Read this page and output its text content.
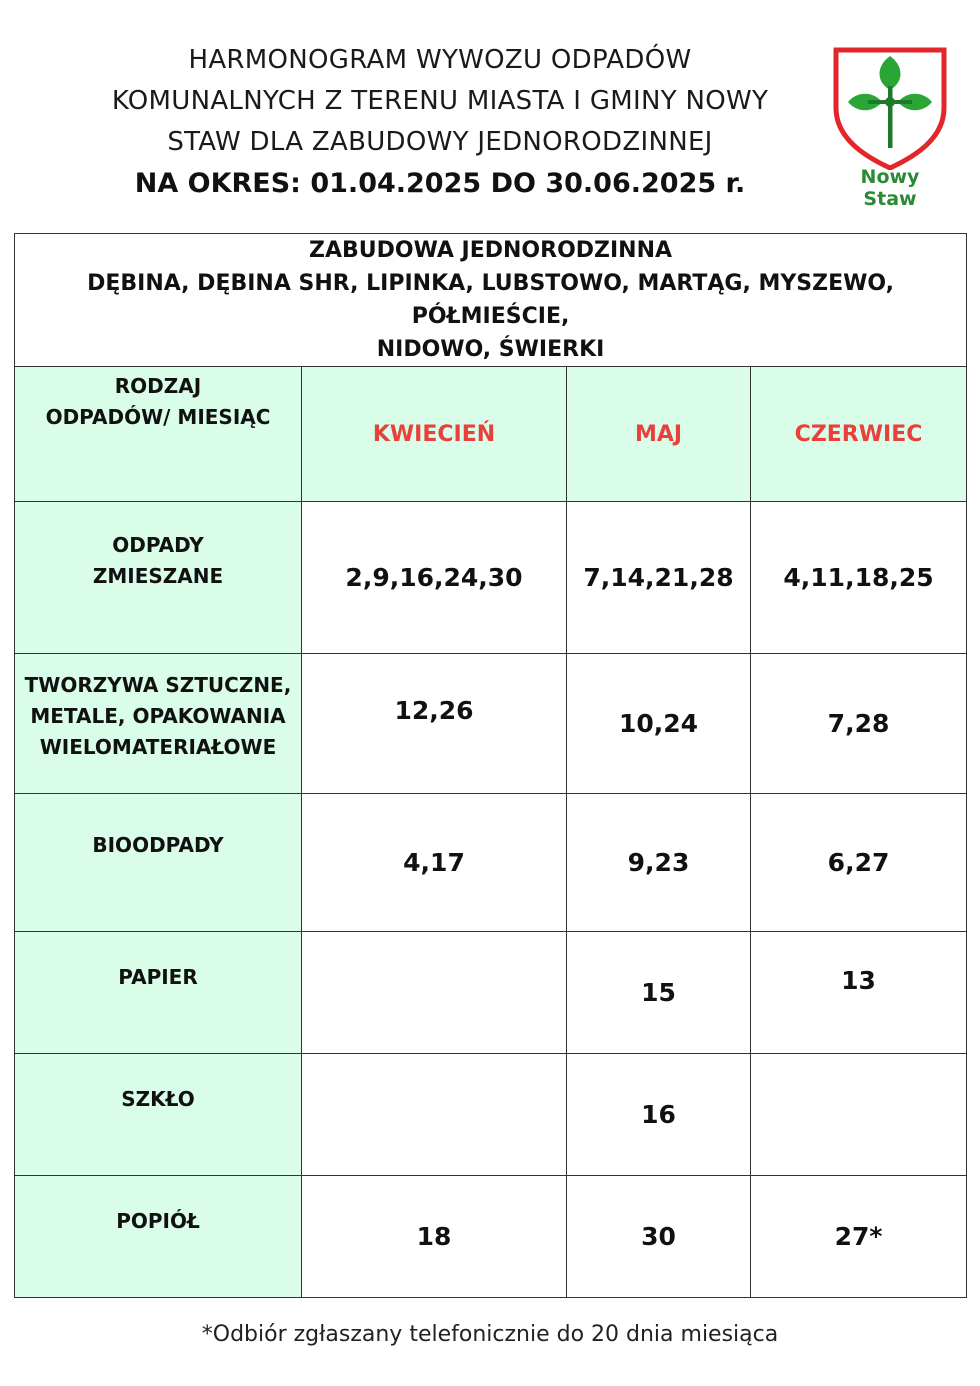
HARMONOGRAM WYWOZU ODPADÓW
KOMUNALNYCH Z TERENU MIASTA I GMINY NOWY
STAW DLA ZABUDOWY JEDNORODZINNEJ
NA OKRES: 01.04.2025 DO 30.06.2025 r.	Nowy Staw
ZABUDOWA JEDNORODZINNA
DĘBINA, DĘBINA SHR, LIPINKA, LUBSTOWO, MARTĄG, MYSZEWO, PÓŁMIEŚCIE,
NIDOWO, ŚWIERKI			

RODZAJ
ODPADÓW/ MIESIĄC	KWIECIEŃ	MAJ	CZERWIEC

ODPADY
ZMIESZANE	2,9,16,24,30	7,14,21,28	4,11,18,25

TWORZYWA SZTUCZNE,
METALE, OPAKOWANIA
WIELOMATERIAŁOWE	12,26	10,24	7,28

BIOODPADY	4,17	9,23	6,27

PAPIER		15	13

SZKŁO		16	

POPIÓŁ	18	30	27*
*Odbiór zgłaszany telefonicznie do 20 dnia miesiąca
